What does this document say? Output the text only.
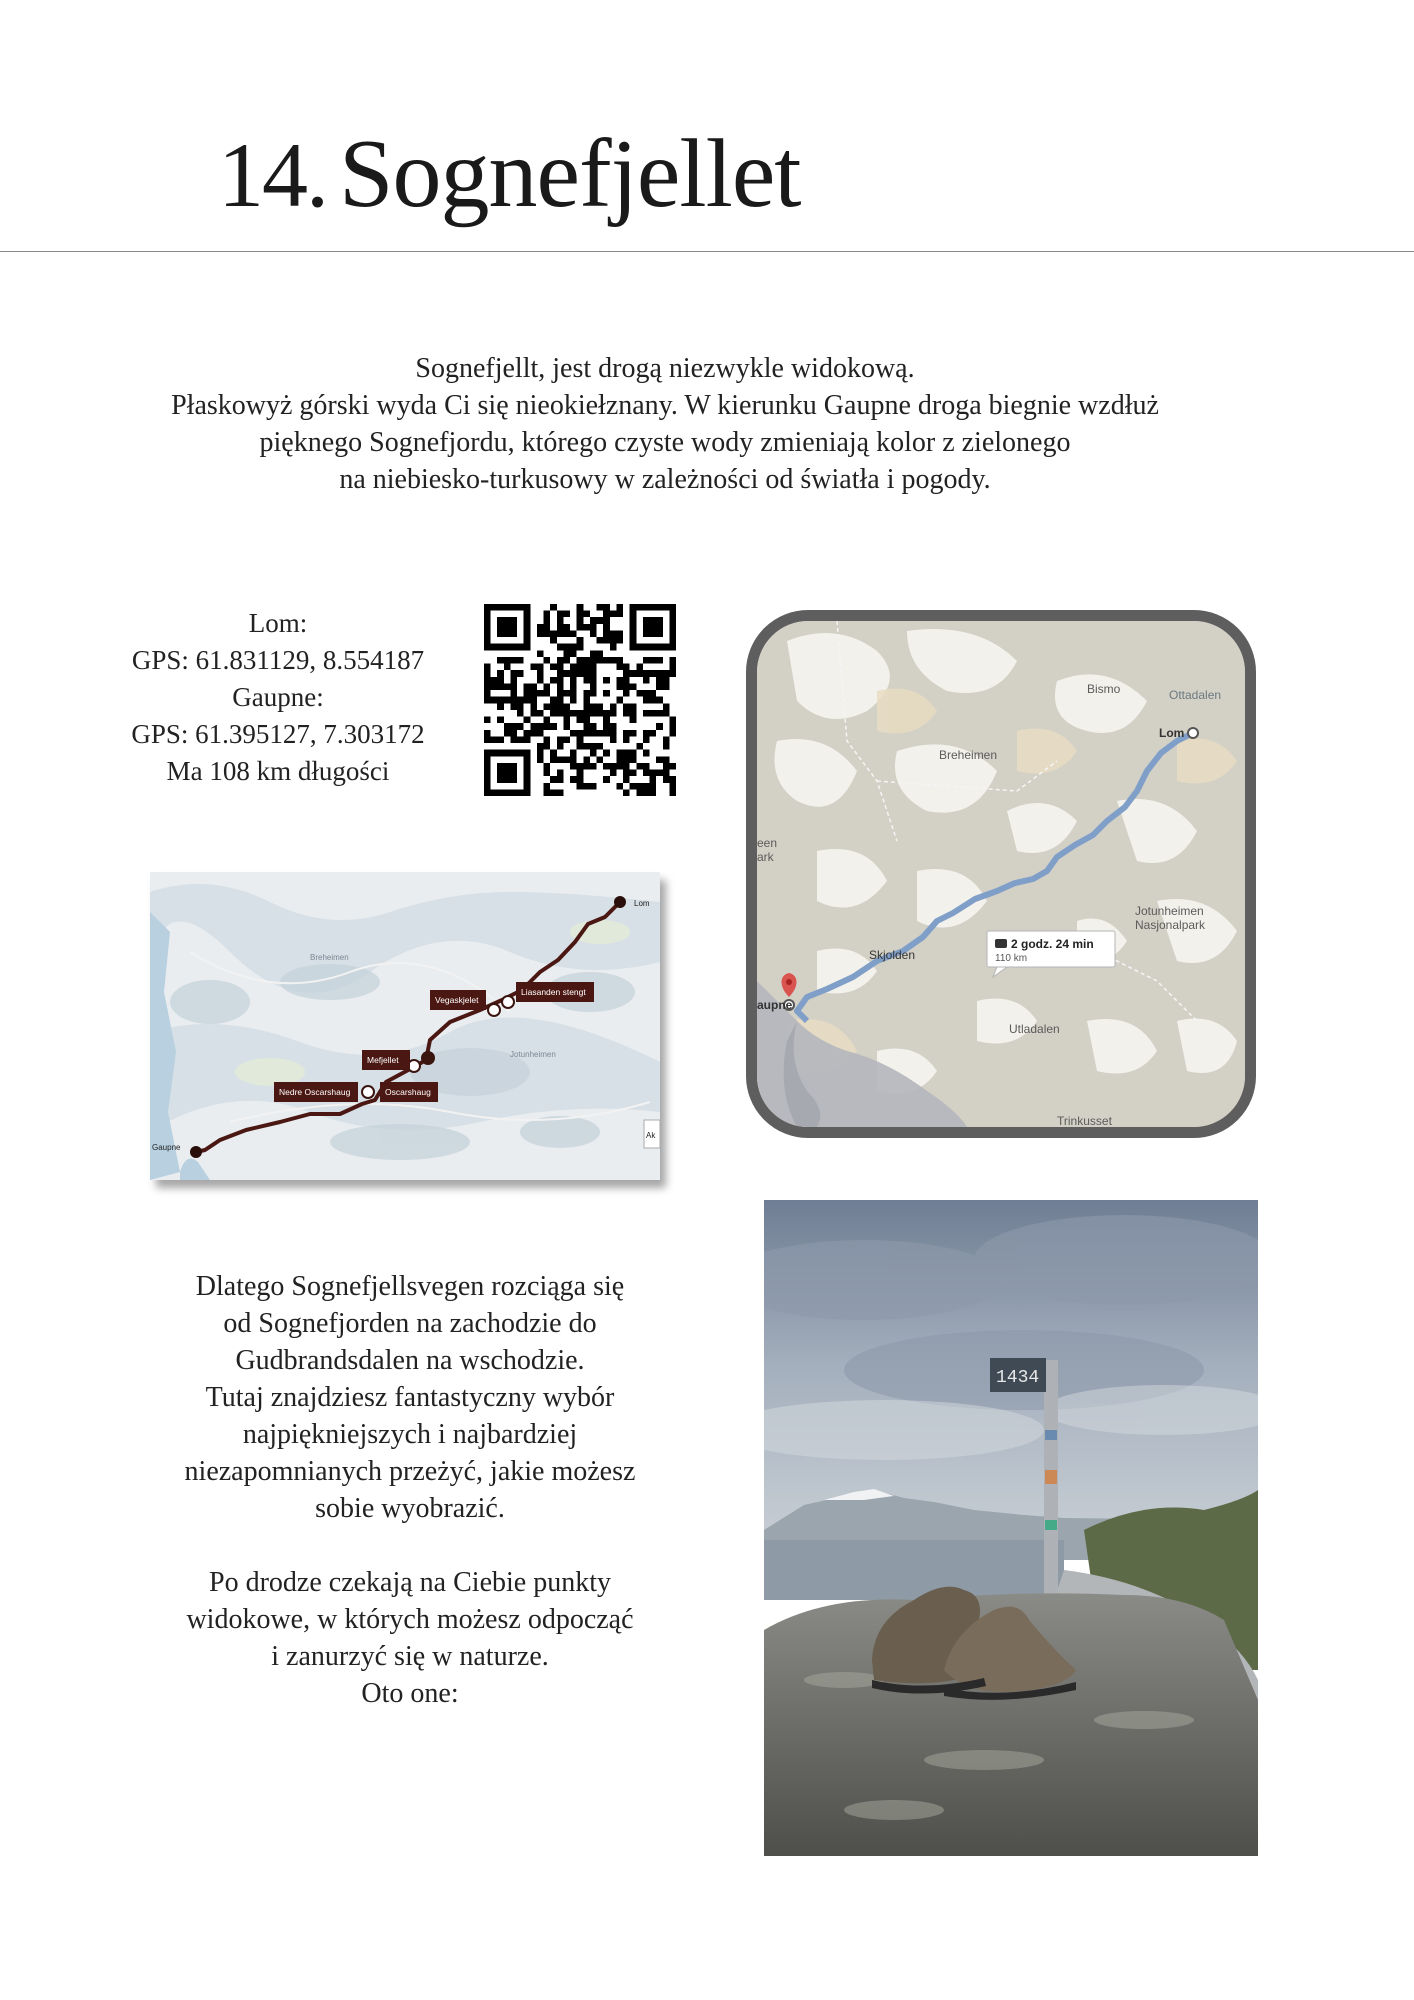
14. Sognefjellet

Sognefjellt, jest drogą niezwykle widokową.

Płaskowyż górski wyda Ci się nieokiełznany. W kierunku Gaupne droga biegnie wzdłuż

pięknego Sognefjordu, którego czyste wody zmieniają kolor z zielonego

na niebiesko-turkusowy w zależności od światła i pogody.

Lom:

GPS: 61.831129, 8.554187

Gaupne:

GPS: 61.395127, 7.303172

Ma 108 km długości

Vegaskjelet
Liasanden stengt
Mefjellet
Nedre Oscarshaug	Oscarshaug
Lom
Gaupne
Jotunheimen
Breheimen
Ak
Bismo	Ottadalen
Lom
Breheimen
een
ark
Jotunheimen
Nasjonalpark
Skjolden
aupne
Utladalen
Trinkusset
2 godz. 24 min
110 km

Dlatego Sognefjellsvegen rozciąga się

od Sognefjorden na zachodzie do

Gudbrandsdalen na wschodzie.

Tutaj znajdziesz fantastyczny wybór

najpiękniejszych i najbardziej

niezapomnianych przeżyć, jakie możesz

sobie wyobrazić.

Po drodze czekają na Ciebie punkty

widokowe, w których możesz odpocząć

i zanurzyć się w naturze.

Oto one:

1434
